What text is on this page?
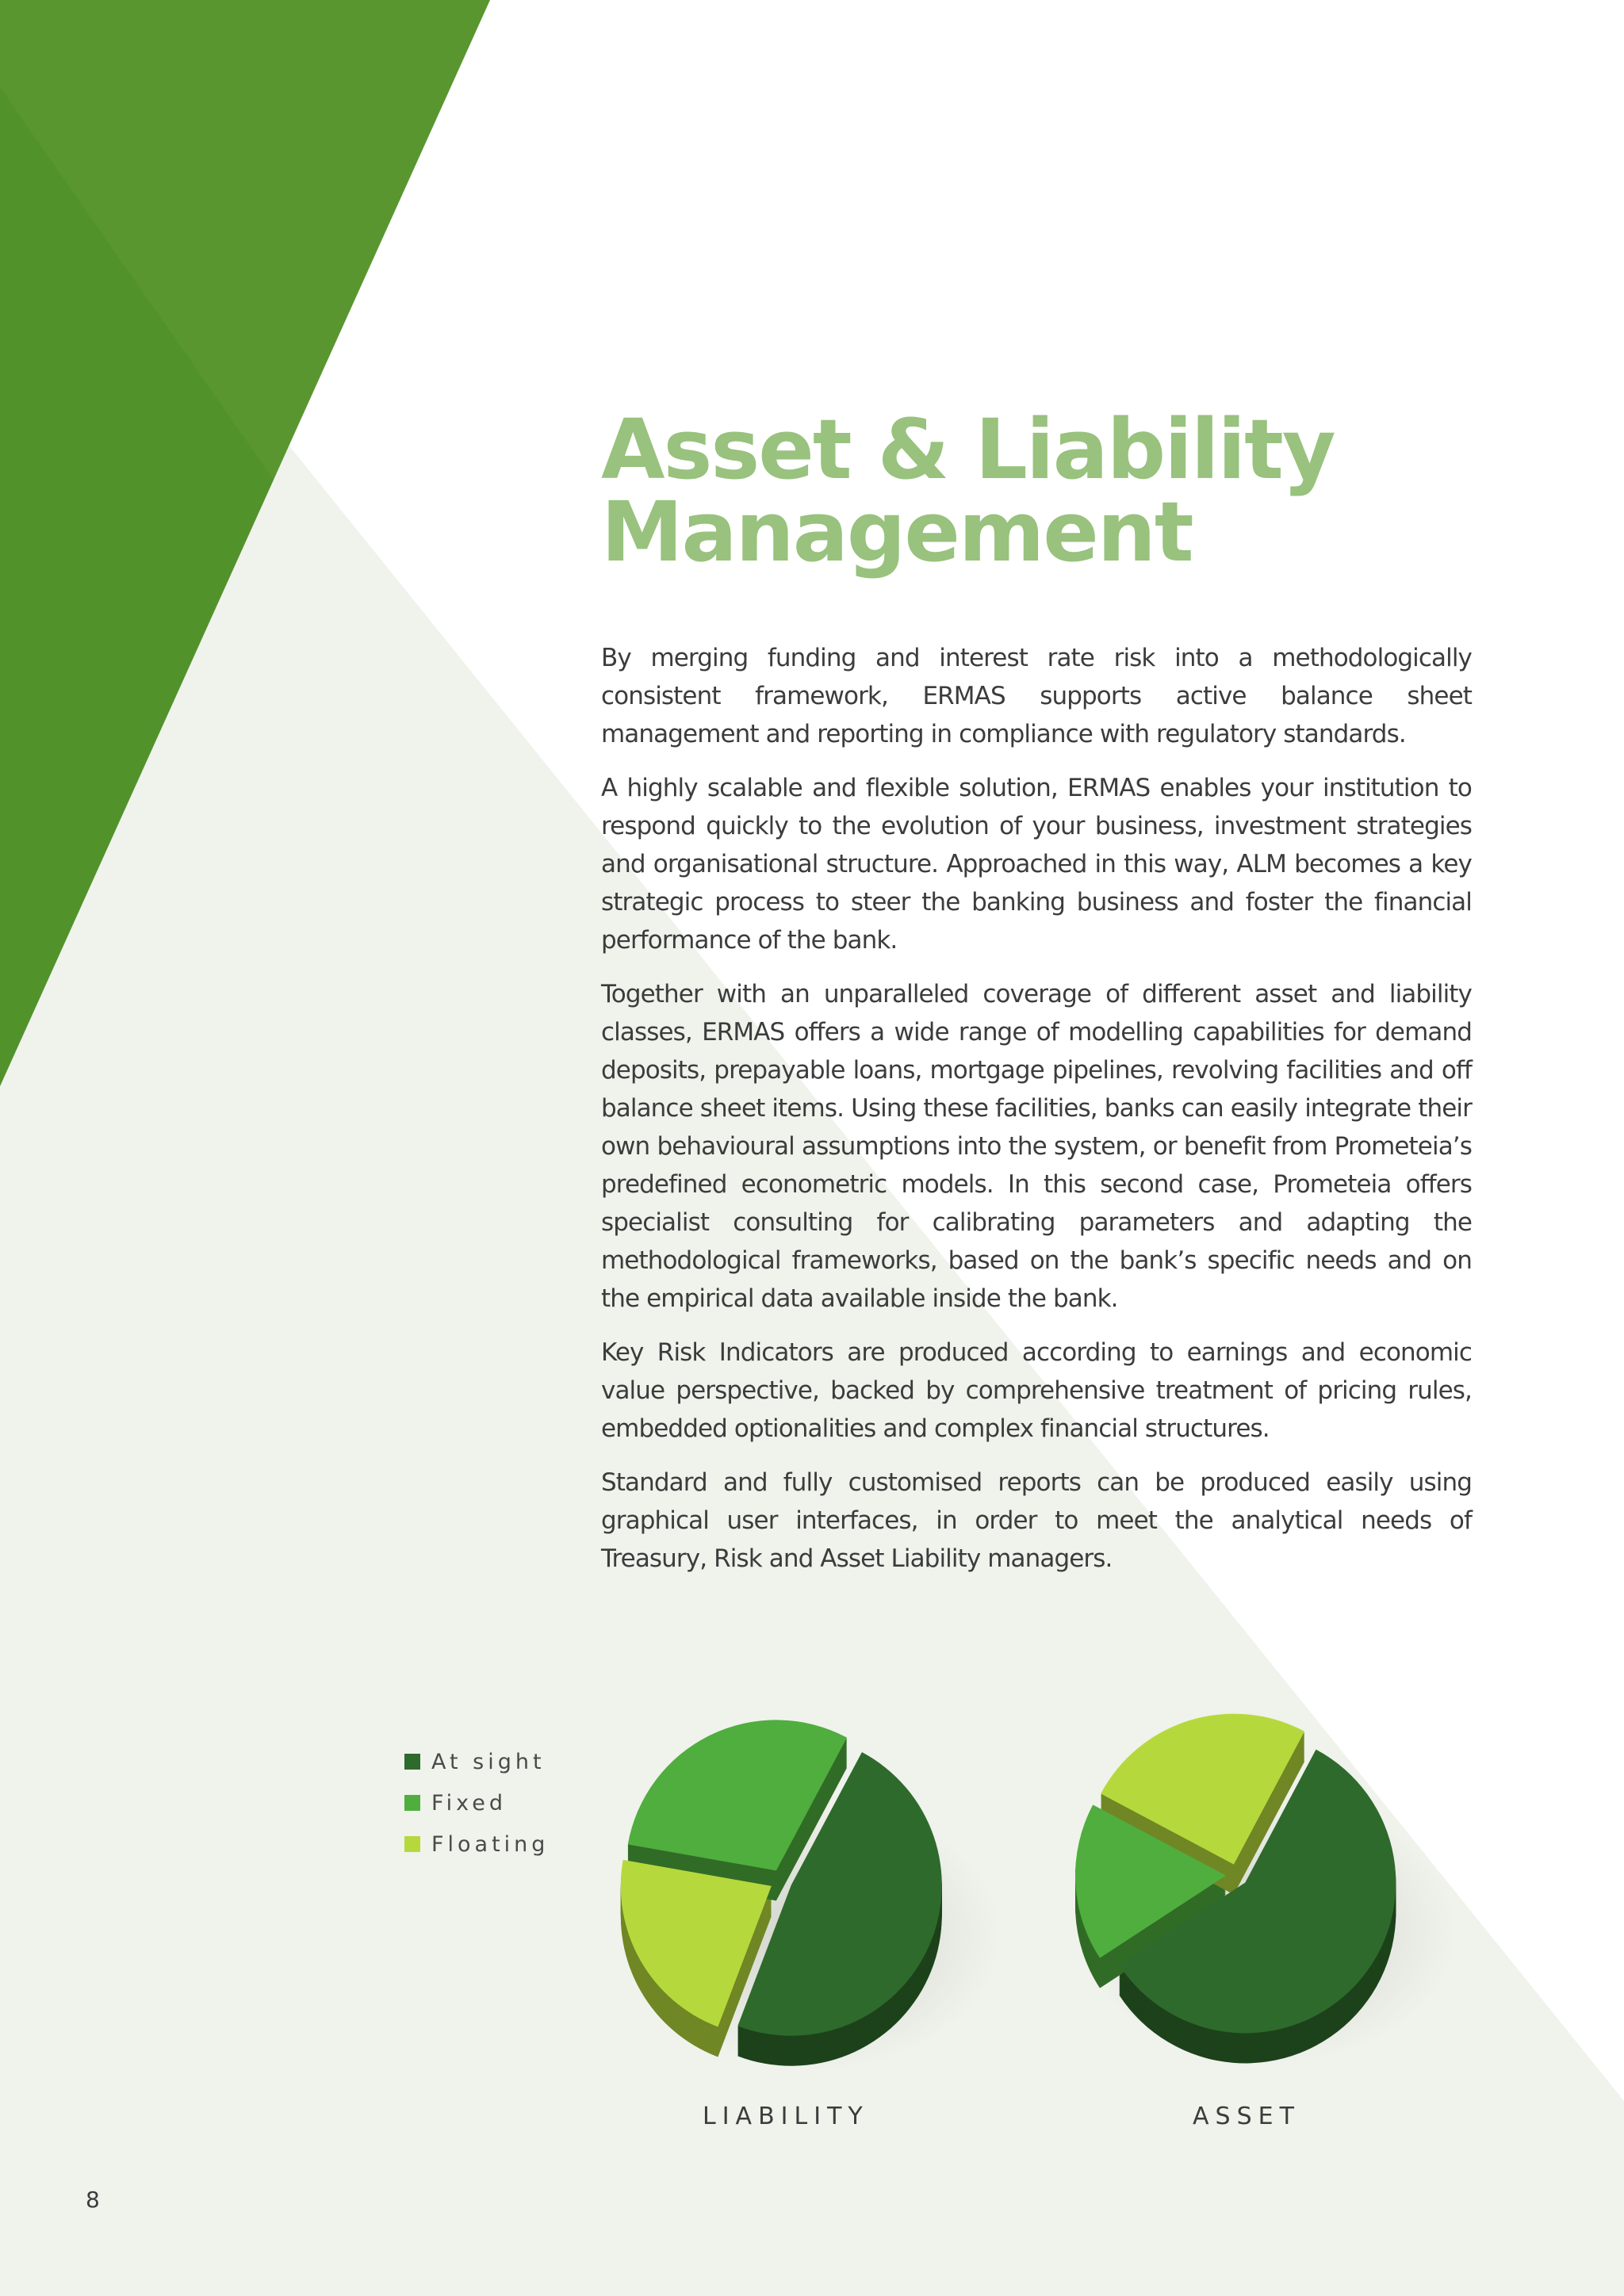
Asset & Liability
Management

By merging funding and interest rate risk into a methodologically consistent framework, ERMAS supports active balance sheet management and reporting in compliance with regulatory standards.

A highly scalable and flexible solution, ERMAS enables your institution to respond quickly to the evolution of your business, investment strategies and organisational structure. Approached in this way, ALM becomes a key strategic process to steer the banking business and foster the financial performance of the bank.

Together with an unparalleled coverage of different asset and liability classes, ERMAS offers a wide range of modelling capabilities for demand deposits, prepayable loans, mortgage pipelines, revolving facilities and off balance sheet items. Using these facilities, banks can easily integrate their own behavioural assumptions into the system, or benefit from Prometeia’s predefined econometric models. In this second case, Prometeia offers specialist consulting for calibrating parameters and adapting the methodological frameworks, based on the bank’s specific needs and on the empirical data available inside the bank.

Key Risk Indicators are produced according to earnings and economic value perspective, backed by comprehensive treatment of pricing rules, embedded optionalities and complex financial structures.

Standard and fully customised reports can be produced easily using graphical user interfaces, in order to meet the analytical needs of Treasury, Risk and Asset Liability managers.

At sight
Fixed
Floating
LIABILITY	ASSET
8
